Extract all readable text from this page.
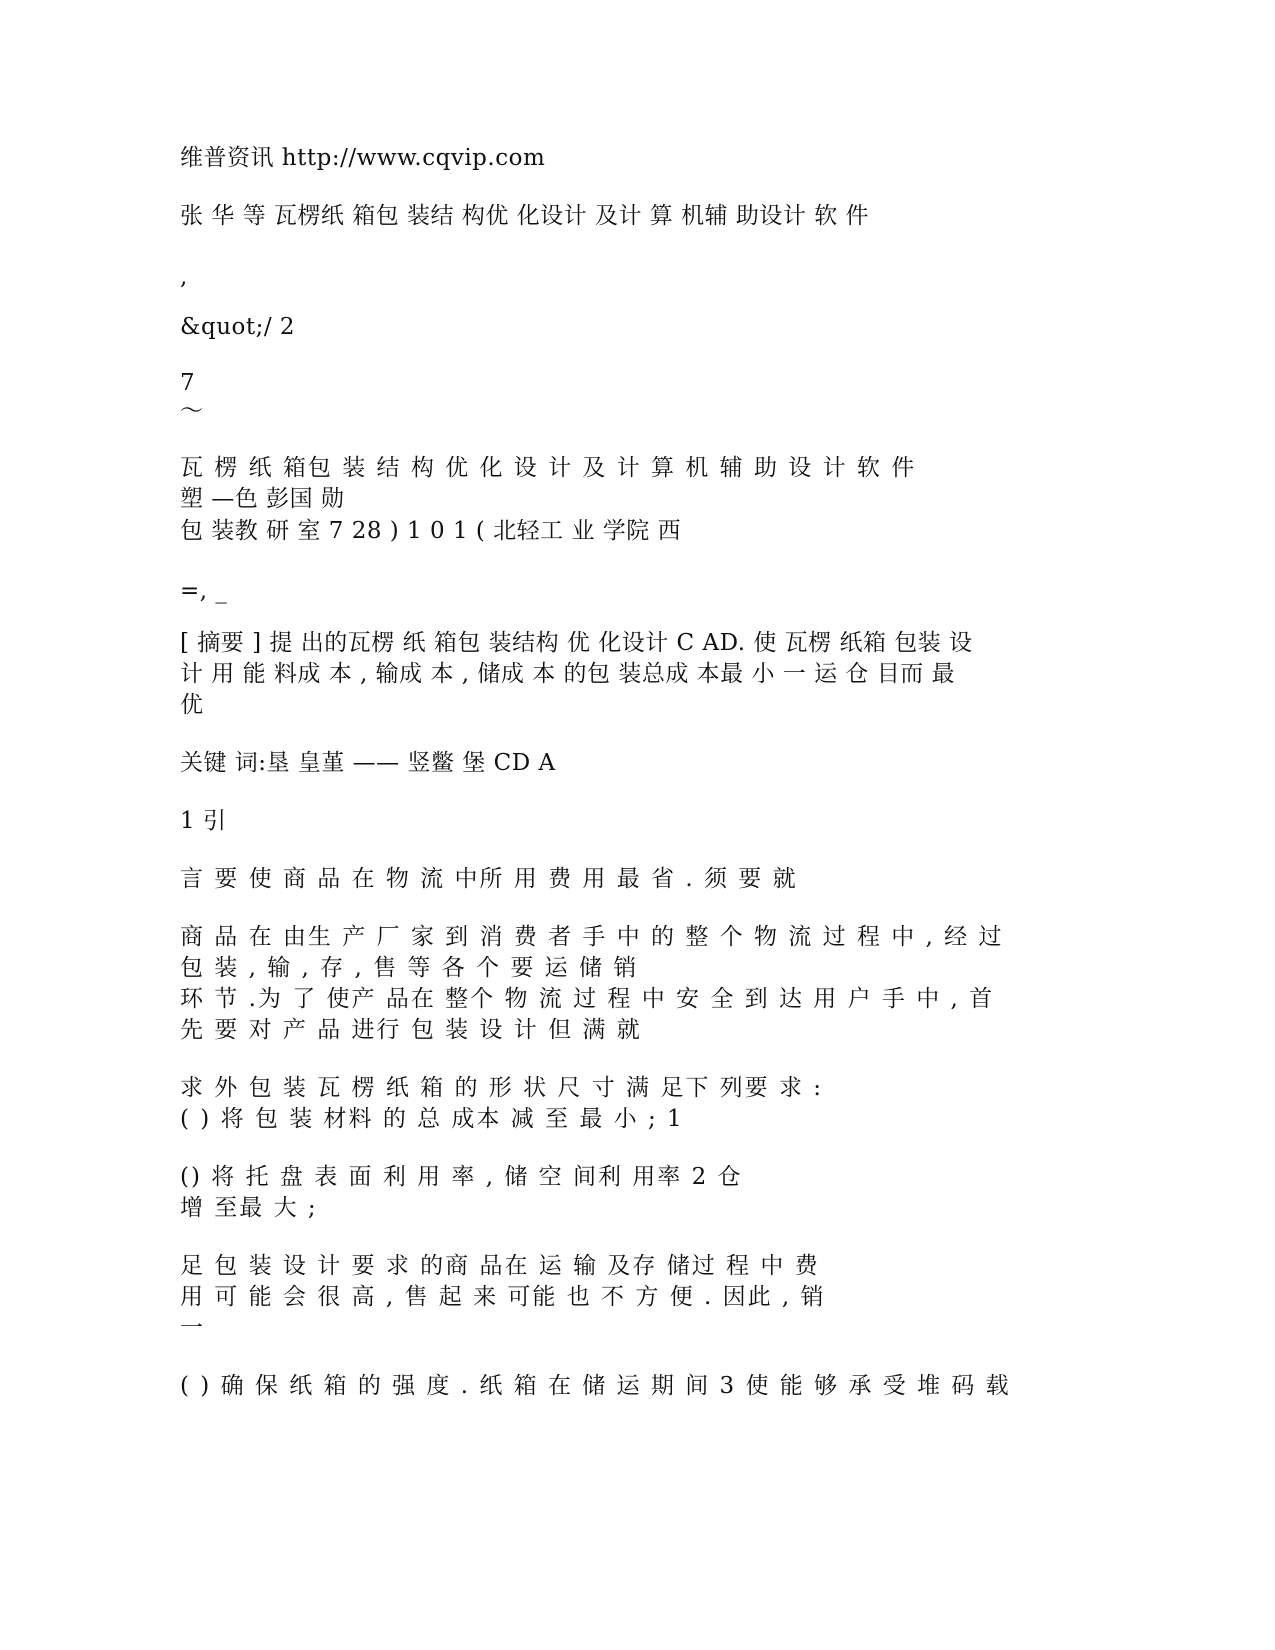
维普资讯 http://www.cqvip.com
张 华 等 瓦楞纸 箱包 装结 构优 化设计 及计 算 机辅 助设计 软 件
,
&quot;/ 2
7
～
瓦 楞 纸 箱包 装 结 构 优 化 设 计 及 计 算 机 辅 助 设 计 软 件
塑 —色 彭国 勋
包 装教 研 室 7 28 ) 1 0 1 ( 北轻工 业 学院 西
=, _
[ 摘要 ] 提 出的瓦楞 纸 箱包 装结构 优 化设计 C AD. 使 瓦楞 纸箱 包装 设
计 用 能 料成 本 , 输成 本 , 储成 本 的包 装总成 本最 小 一 运 仓 目而 最
优
关键 词:垦 皇堇 —— 竖鳖 堡 CD A
1 引
言 要 使 商 品 在 物 流 中所 用 费 用 最 省 . 须 要 就
商 品 在 由生 产 厂 家 到 消 费 者 手 中 的 整 个 物 流 过 程 中 , 经 过
包 装 , 输 , 存 , 售 等 各 个 要 运 储 销
环 节 .为 了 使产 品在 整个 物 流 过 程 中 安 全 到 达 用 户 手 中 , 首
先 要 对 产 品 进行 包 装 设 计 但 满 就
求 外 包 装 瓦 楞 纸 箱 的 形 状 尺 寸 满 足下 列要 求 :
( ) 将 包 装 材料 的 总 成本 减 至 最 小 ; 1
() 将 托 盘 表 面 利 用 率 , 储 空 间利 用率 2 仓
增 至最 大 ;
足 包 装 设 计 要 求 的商 品在 运 输 及存 储过 程 中 费
用 可 能 会 很 高 , 售 起 来 可能 也 不 方 便 . 因此 , 销
一
( ) 确 保 纸 箱 的 强 度 . 纸 箱 在 储 运 期 间 3 使 能 够 承 受 堆 码 载
